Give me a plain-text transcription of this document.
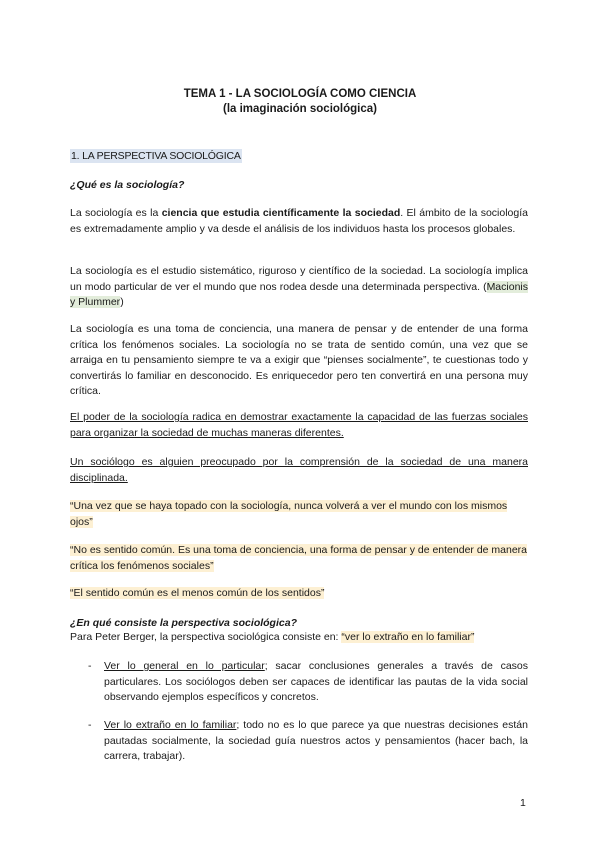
TEMA 1 - LA SOCIOLOGÍA COMO CIENCIA
(la imaginación sociológica)
1. LA PERSPECTIVA SOCIOLÓGICA
¿Qué es la sociología?

La sociología es la ciencia que estudia científicamente la sociedad. El ámbito de la sociología es extremadamente amplio y va desde el análisis de los individuos hasta los procesos globales.

La sociología es el estudio sistemático, riguroso y científico de la sociedad. La sociología implica un modo particular de ver el mundo que nos rodea desde una determinada perspectiva. (Macionis y Plummer)

La sociología es una toma de conciencia, una manera de pensar y de entender de una forma crítica los fenómenos sociales. La sociología no se trata de sentido común, una vez que se arraiga en tu pensamiento siempre te va a exigir que “pienses socialmente”, te cuestionas todo y convertirás lo familiar en desconocido. Es enriquecedor pero ten convertirá en una persona muy crítica.

El poder de la sociología radica en demostrar exactamente la capacidad de las fuerzas sociales para organizar la sociedad de muchas maneras diferentes.

Un sociólogo es alguien preocupado por la comprensión de la sociedad de una manera disciplinada.

“Una vez que se haya topado con la sociología, nunca volverá a ver el mundo con los mismos ojos”

“No es sentido común. Es una toma de conciencia, una forma de pensar y de entender de manera crítica los fenómenos sociales”

“El sentido común es el menos común de los sentidos”

¿En qué consiste la perspectiva sociológica?

Para Peter Berger, la perspectiva sociológica consiste en: “ver lo extraño en lo familiar”

- Ver lo general en lo particular; sacar conclusiones generales a través de casos particulares. Los sociólogos deben ser capaces de identificar las pautas de la vida social observando ejemplos específicos y concretos.
- Ver lo extraño en lo familiar; todo no es lo que parece ya que nuestras decisiones están pautadas socialmente, la sociedad guía nuestros actos y pensamientos (hacer bach, la carrera, trabajar).
1
